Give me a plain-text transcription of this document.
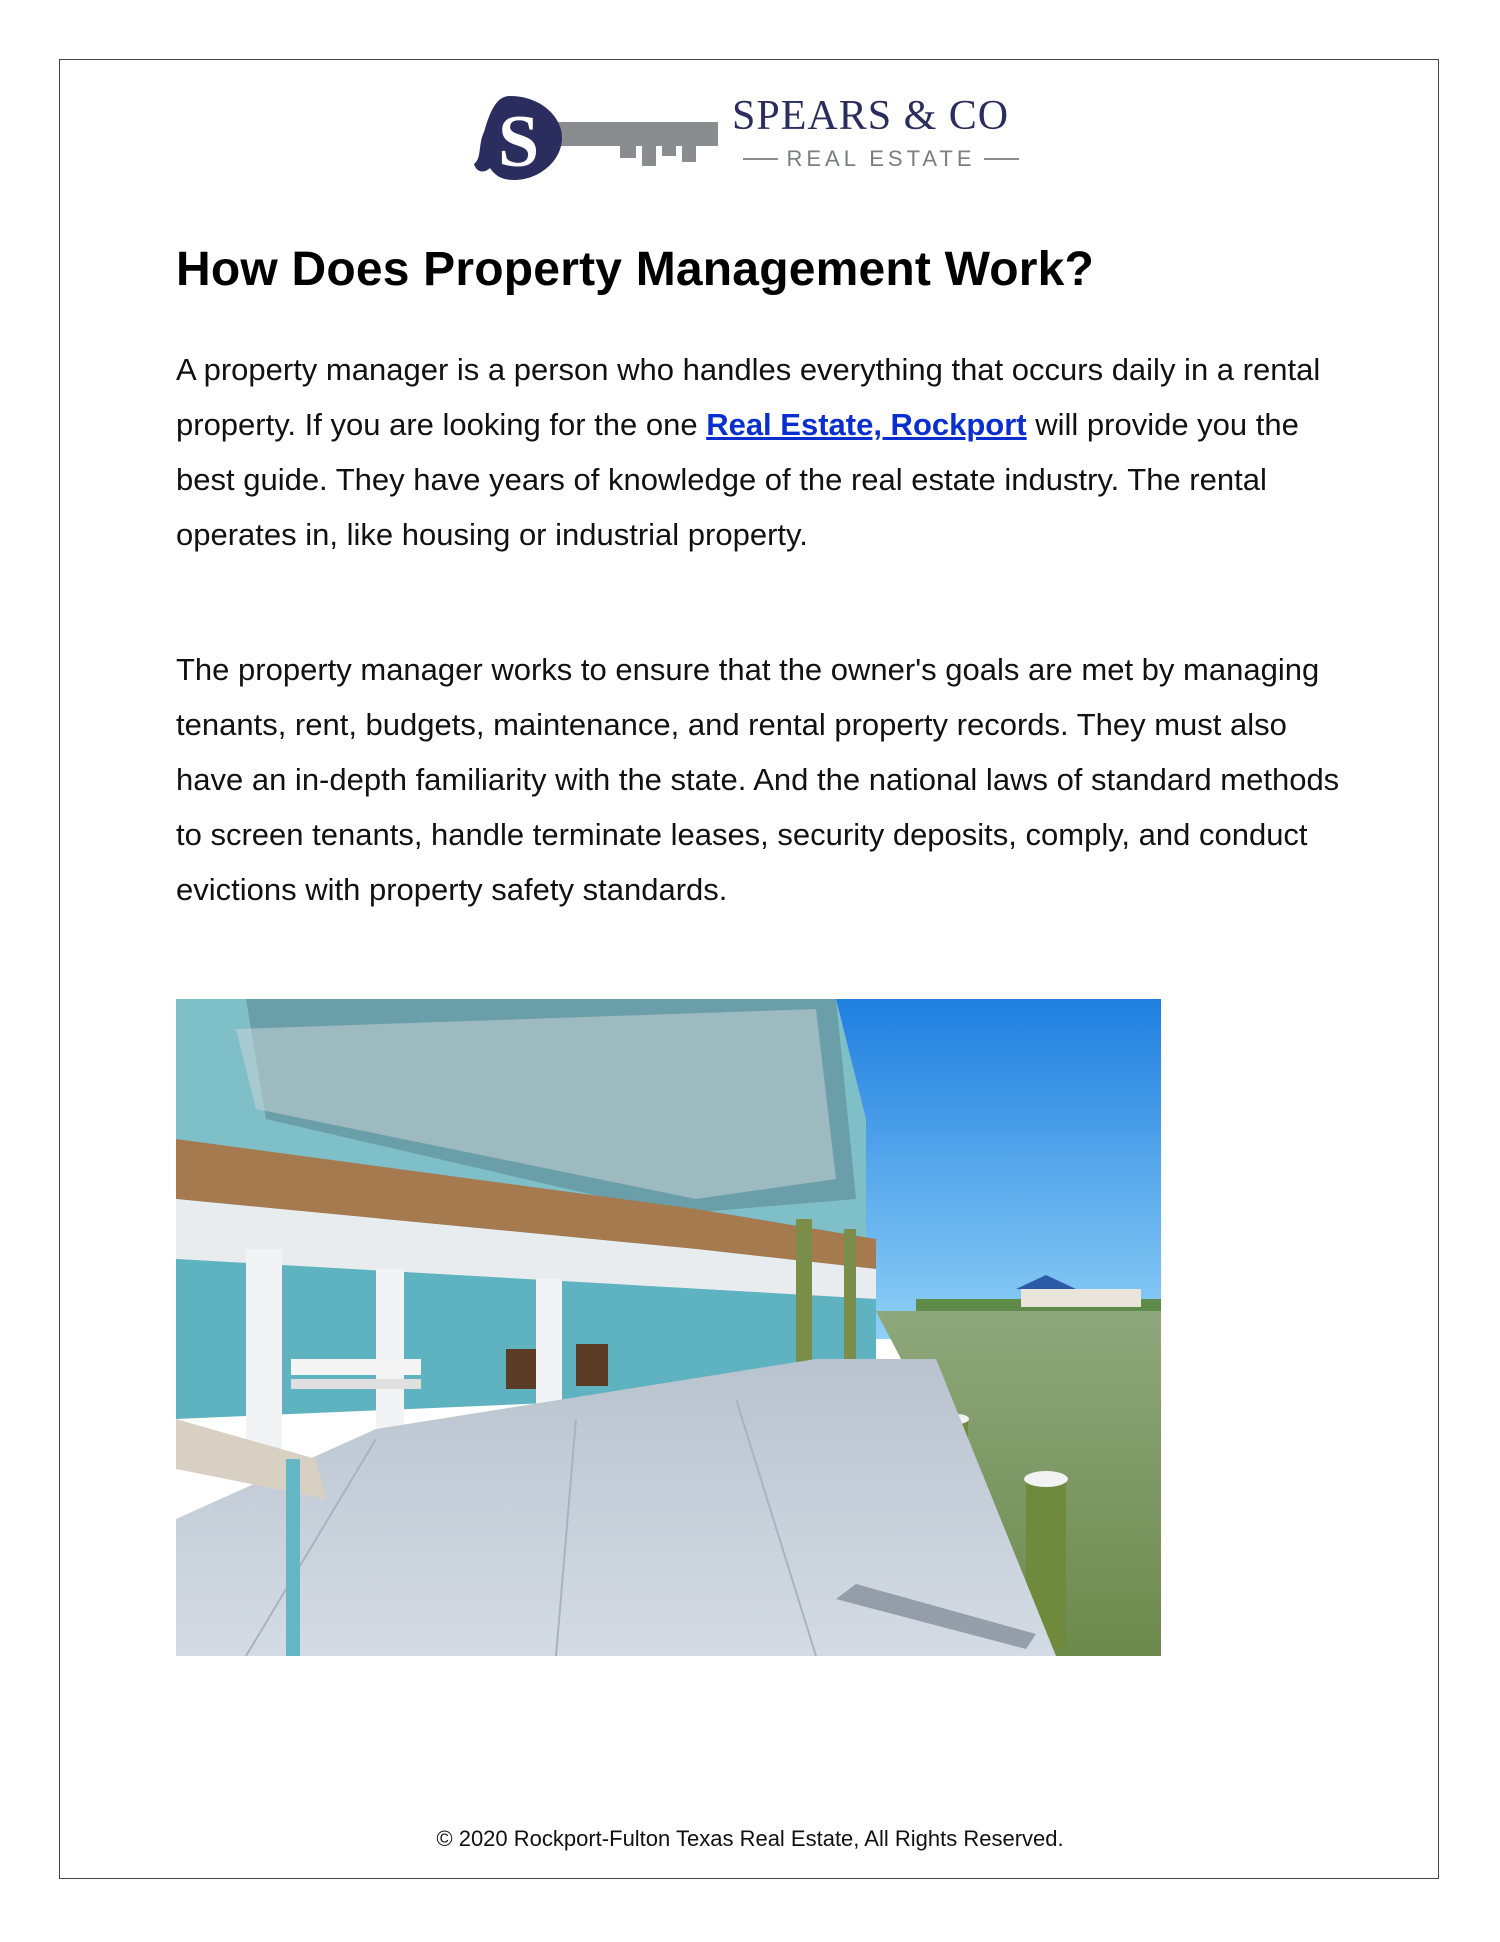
S	SPEARS & CO
REAL ESTATE
How Does Property Management Work?

A property manager is a person who handles everything that occurs daily in a rental property. If you are looking for the one Real Estate, Rockport will provide you the best guide. They have years of knowledge of the real estate industry. The rental operates in, like housing or industrial property.

The property manager works to ensure that the owner's goals are met by managing tenants, rent, budgets, maintenance, and rental property records. They must also have an in-depth familiarity with the state. And the national laws of standard methods to screen tenants, handle terminate leases, security deposits, comply, and conduct evictions with property safety standards.

© 2020 Rockport-Fulton Texas Real Estate, All Rights Reserved.
